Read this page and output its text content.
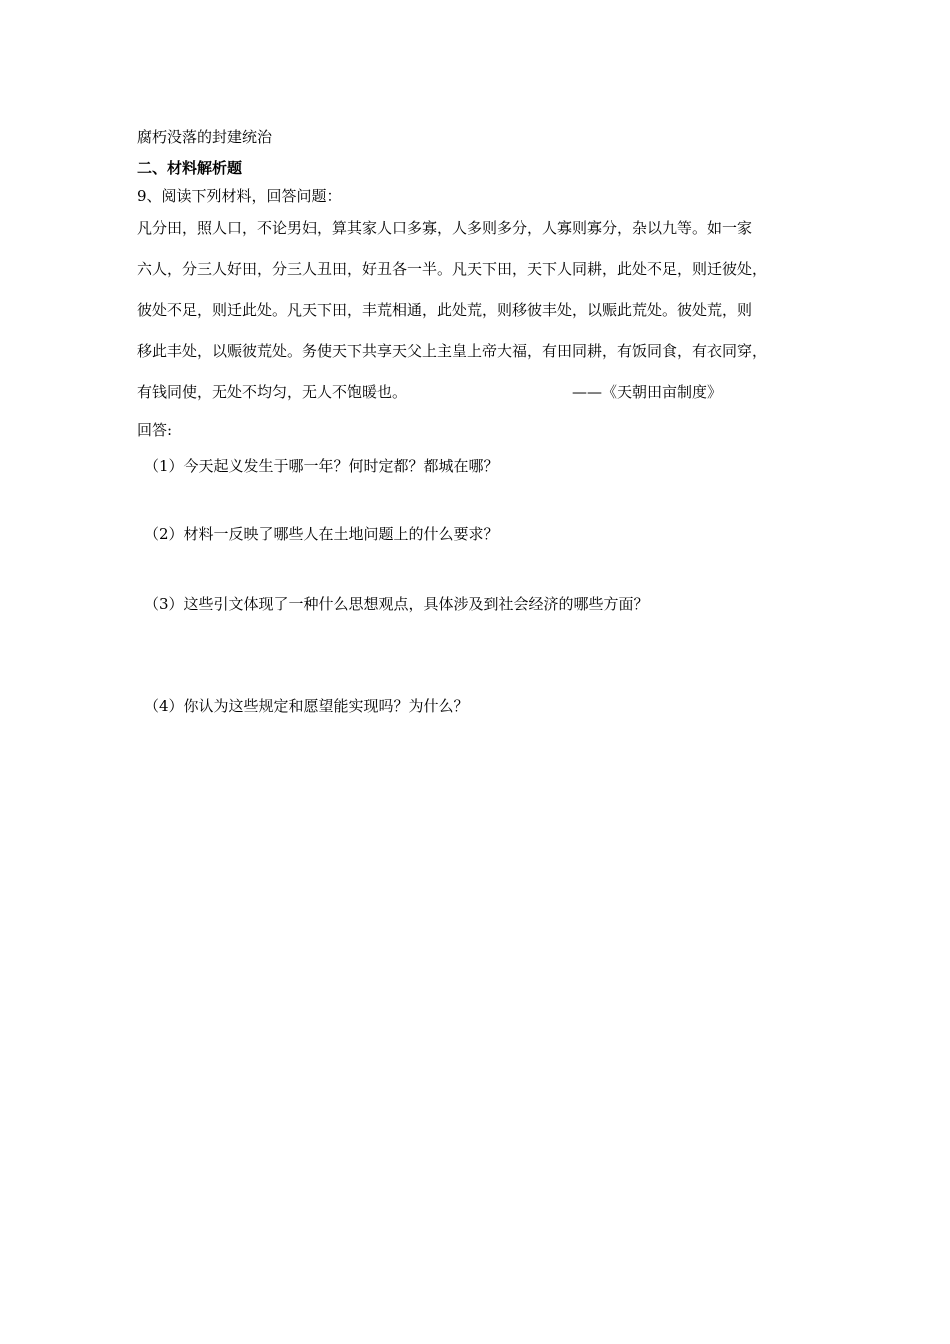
腐朽没落的封建统治
二、材料解析题
9、阅读下列材料，回答问题：
凡分田，照人口，不论男妇，算其家人口多寡，人多则多分，人寡则寡分，杂以九等。如一家
六人，分三人好田，分三人丑田，好丑各一半。凡天下田，天下人同耕，此处不足，则迁彼处，
彼处不足，则迁此处。凡天下田，丰荒相通，此处荒，则移彼丰处，以赈此荒处。彼处荒，则
移此丰处，以赈彼荒处。务使天下共享天父上主皇上帝大福，有田同耕，有饭同食，有衣同穿，
有钱同使，无处不均匀，无人不饱暖也。	——《天朝田亩制度》
回答:
（1）今天起义发生于哪一年？何时定都？都城在哪？
（2）材料一反映了哪些人在土地问题上的什么要求？
（3）这些引文体现了一种什么思想观点，具体涉及到社会经济的哪些方面？
（4）你认为这些规定和愿望能实现吗？为什么？
